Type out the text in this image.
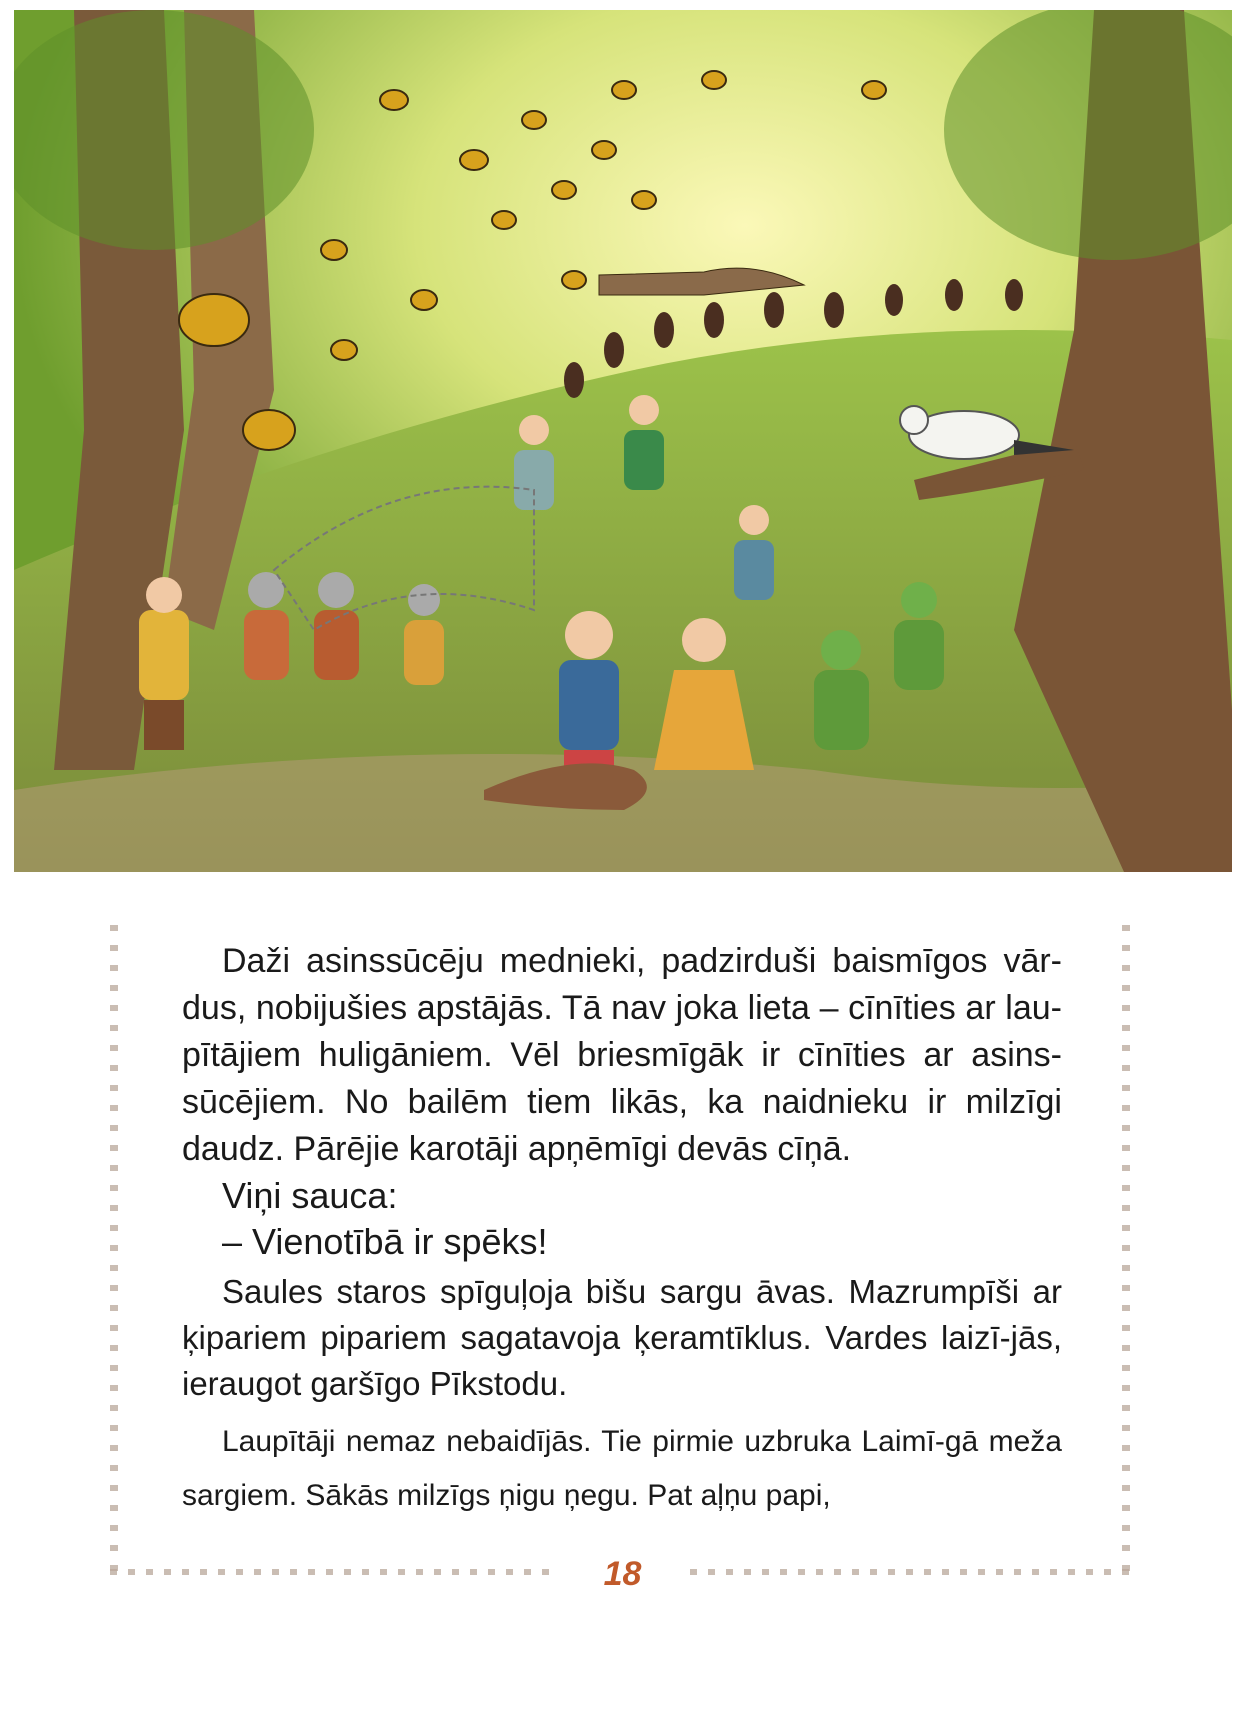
Daži asinssūcēju mednieki, padzirduši baismīgos vār-dus, nobijušies apstājās. Tā nav joka lieta – cīnīties ar lau-pītājiem huligāniem. Vēl briesmīgāk ir cīnīties ar asins-sūcējiem. No bailēm tiem likās, ka naidnieku ir milzīgi daudz. Pārējie karotāji apņēmīgi devās cīņā.

Viņi sauca:

– Vienotībā ir spēks!

Saules staros spīguļoja bišu sargu āvas. Mazrumpīši ar ķipariem pipariem sagatavoja ķeramtīklus. Vardes laizī-jās, ieraugot garšīgo Pīkstodu.

Laupītāji nemaz nebaidījās. Tie pirmie uzbruka Laimī-gā meža sargiem. Sākās milzīgs ņigu ņegu. Pat aļņu papi,

18
